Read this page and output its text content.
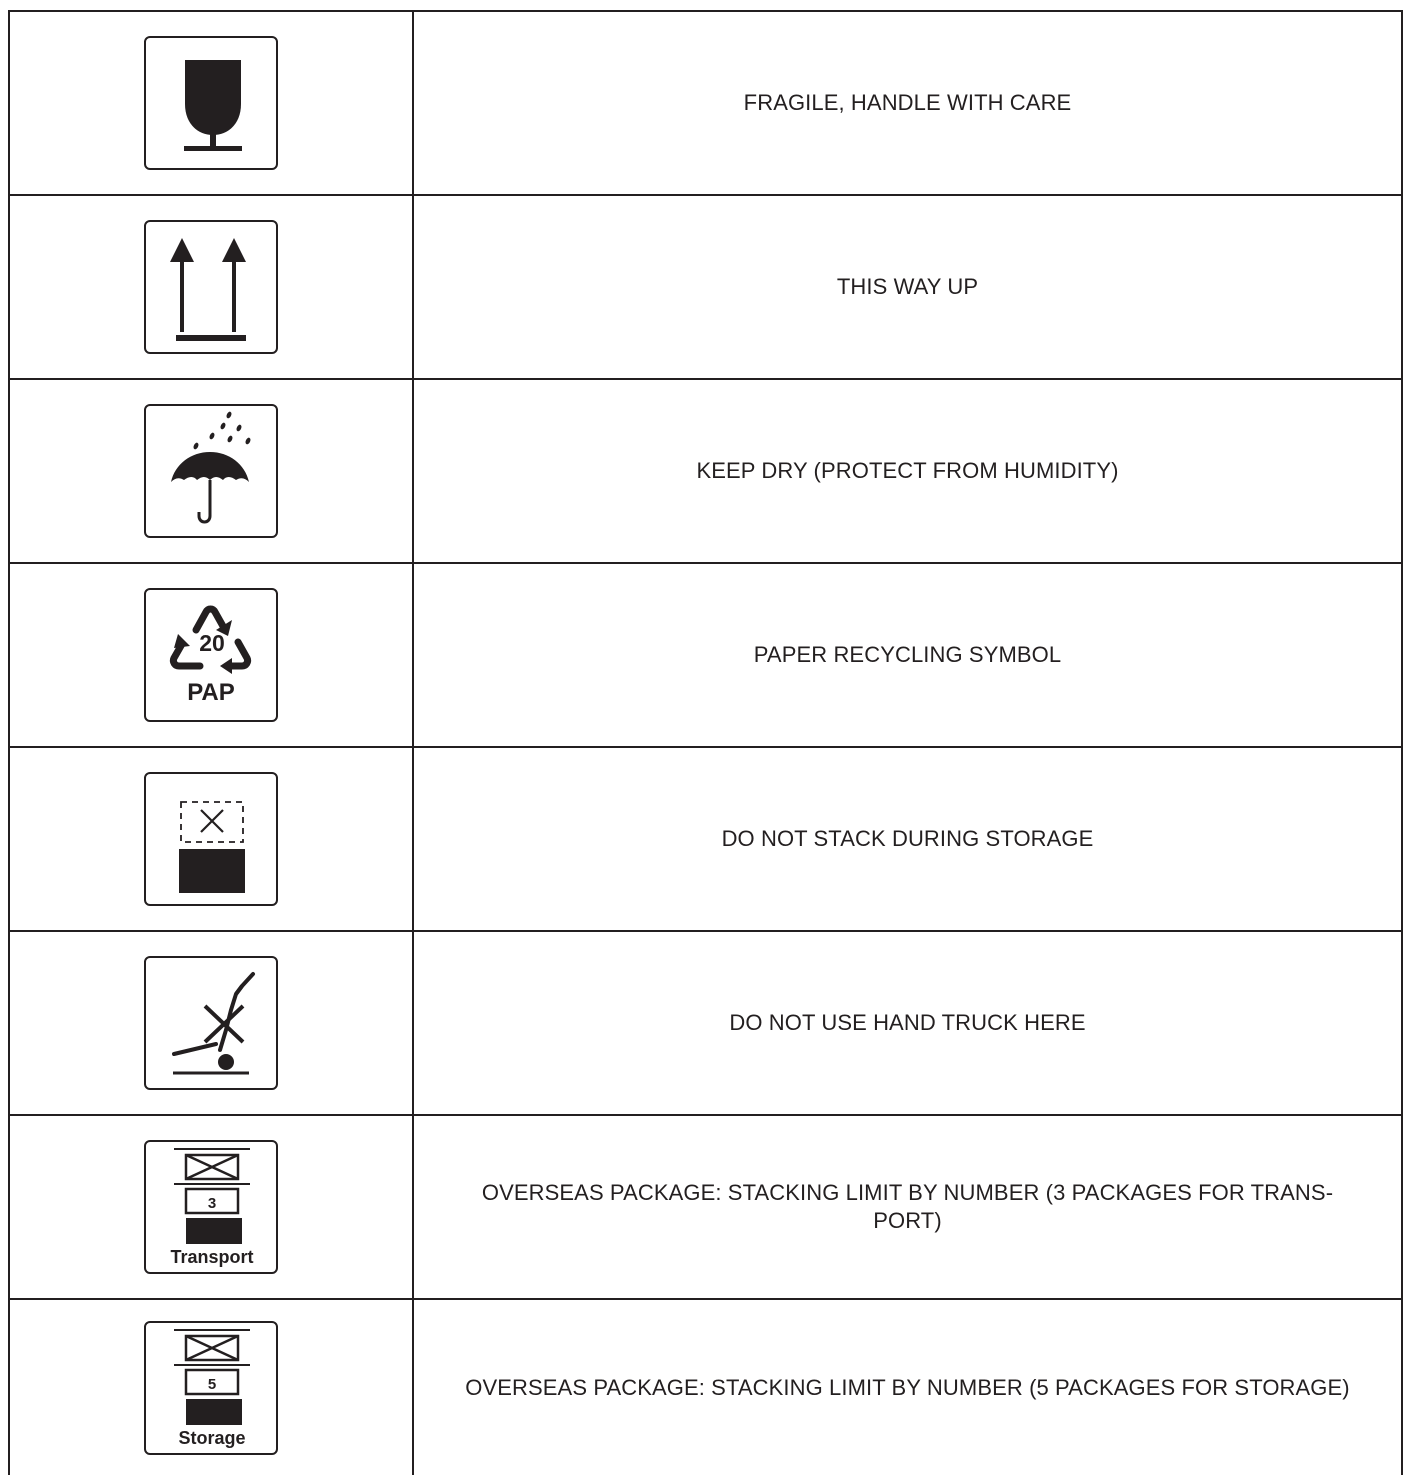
	FRAGILE, HANDLE WITH CARE

	THIS WAY UP

	KEEP DRY (PROTECT FROM HUMIDITY)

20
PAP	PAPER RECYCLING SYMBOL

	DO NOT STACK DURING STORAGE

	DO NOT USE HAND TRUCK HERE

3
Transport	OVERSEAS PACKAGE: STACKING LIMIT BY NUMBER (3 PACKAGES FOR TRANS-
PORT)

5
Storage	OVERSEAS PACKAGE: STACKING LIMIT BY NUMBER (5 PACKAGES FOR STORAGE)
